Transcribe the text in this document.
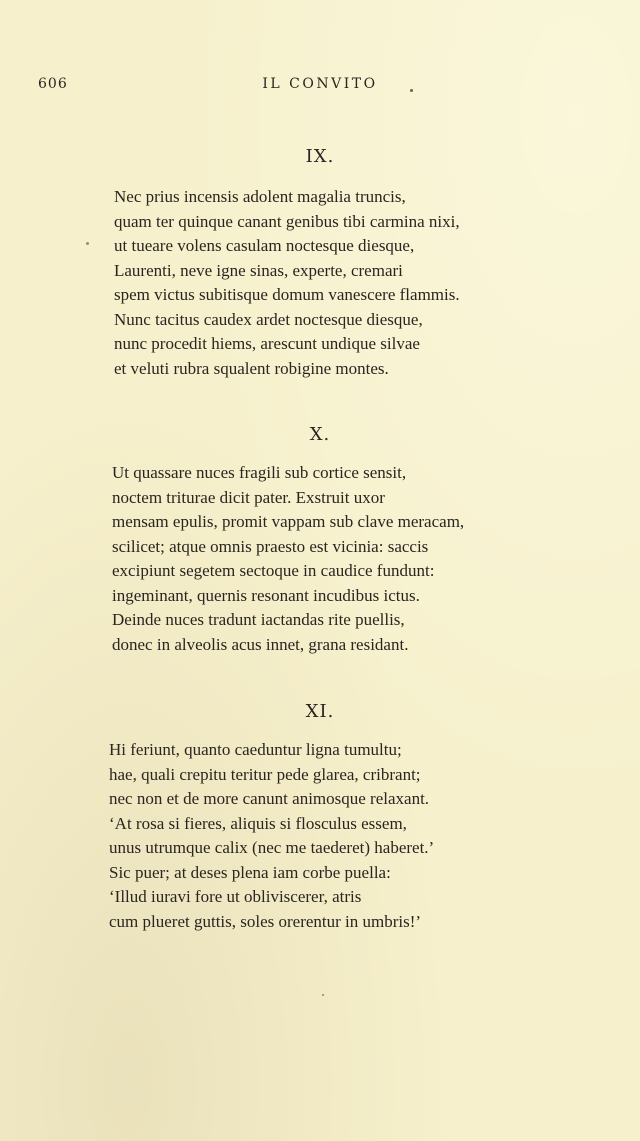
606	IL CONVITO
IX.
Nec prius incensis adolent magalia truncis,
quam ter quinque canant genibus tibi carmina nixi,
ut tueare volens casulam noctesque diesque,
Laurenti, neve igne sinas, experte, cremari
spem victus subitisque domum vanescere flammis.
Nunc tacitus caudex ardet noctesque diesque,
nunc procedit hiems, arescunt undique silvae
et veluti rubra squalent robigine montes.
X.
Ut quassare nuces fragili sub cortice sensit,
noctem triturae dicit pater. Exstruit uxor
mensam epulis, promit vappam sub clave meracam,
scilicet; atque omnis praesto est vicinia: saccis
excipiunt segetem sectoque in caudice fundunt:
ingeminant, quernis resonant incudibus ictus.
Deinde nuces tradunt iactandas rite puellis,
donec in alveolis acus innet, grana residant.
XI.
Hi feriunt, quanto caeduntur ligna tumultu;
hae, quali crepitu teritur pede glarea, cribrant;
nec non et de more canunt animosque relaxant.
‘At rosa si fieres, aliquis si flosculus essem,
unus utrumque calix (nec me taederet) haberet.’
Sic puer; at deses plena iam corbe puella:
‘Illud iuravi fore ut obliviscerer, atris
cum plueret guttis, soles orerentur in umbris!’
